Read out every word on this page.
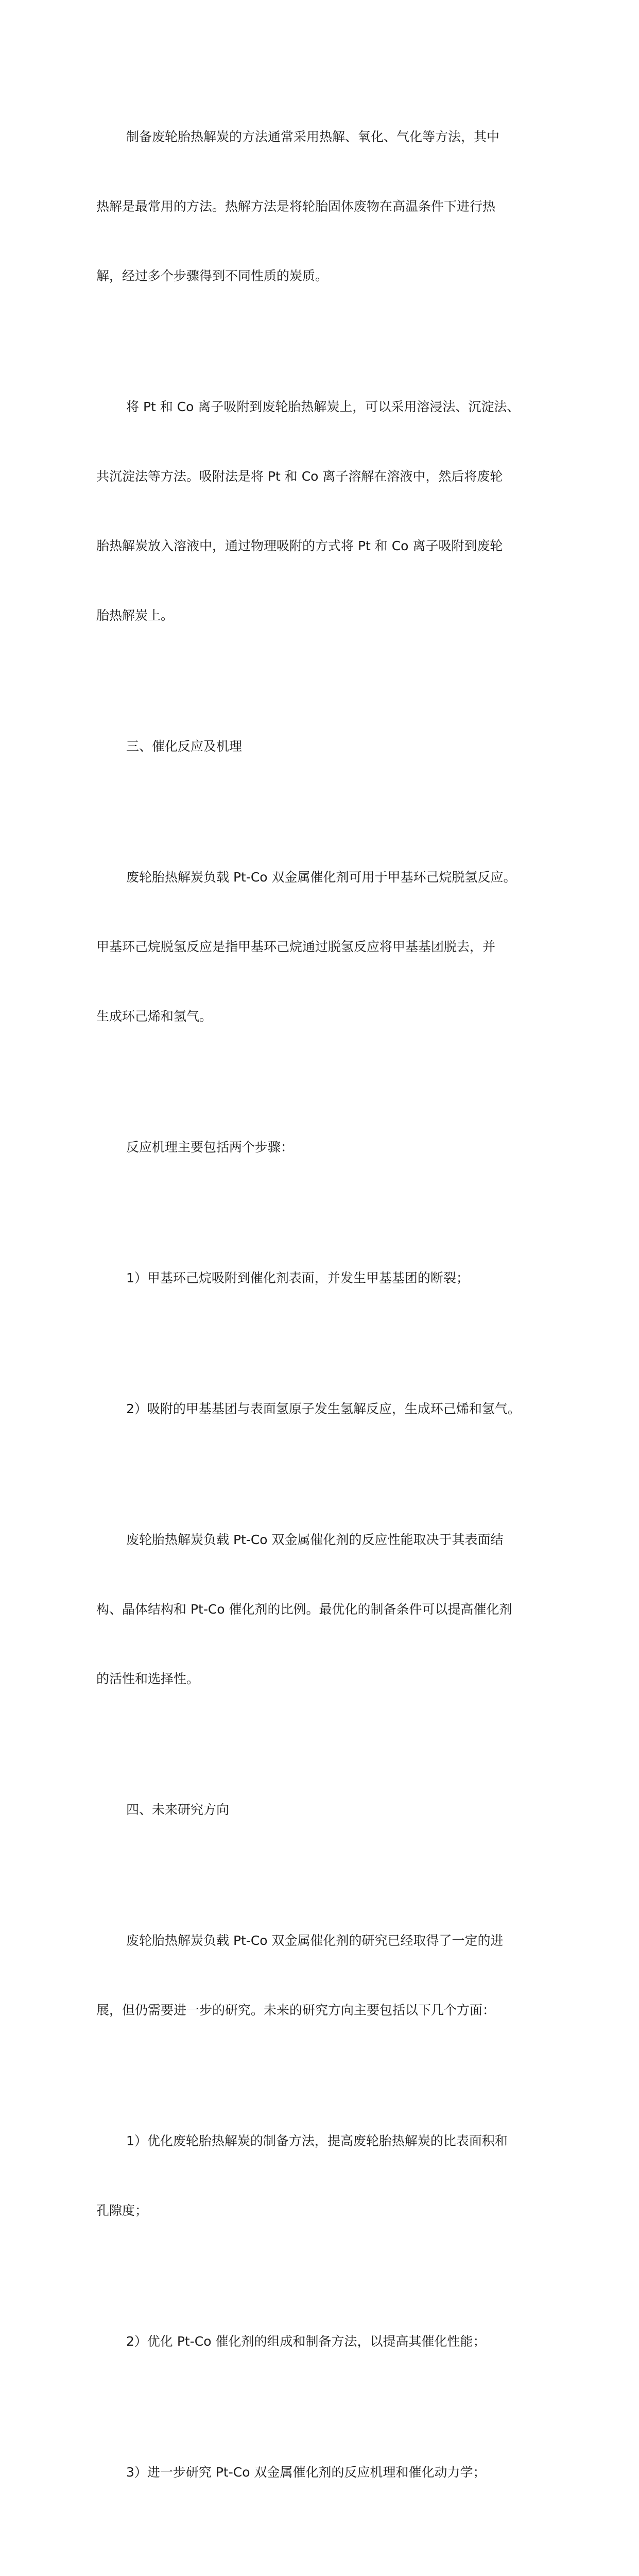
制备废轮胎热解炭的方法通常采用热解、氧化、气化等方法，其中

热解是最常用的方法。热解方法是将轮胎固体废物在高温条件下进行热

解，经过多个步骤得到不同性质的炭质。

将 Pt 和 Co 离子吸附到废轮胎热解炭上，可以采用溶浸法、沉淀法、

共沉淀法等方法。吸附法是将 Pt 和 Co 离子溶解在溶液中，然后将废轮

胎热解炭放入溶液中，通过物理吸附的方式将 Pt 和 Co 离子吸附到废轮

胎热解炭上。

三、催化反应及机理

废轮胎热解炭负载 Pt-Co 双金属催化剂可用于甲基环己烷脱氢反应。

甲基环己烷脱氢反应是指甲基环己烷通过脱氢反应将甲基基团脱去，并

生成环己烯和氢气。

反应机理主要包括两个步骤：

1）甲基环己烷吸附到催化剂表面，并发生甲基基团的断裂；

2）吸附的甲基基团与表面氢原子发生氢解反应，生成环己烯和氢气。

废轮胎热解炭负载 Pt-Co 双金属催化剂的反应性能取决于其表面结

构、晶体结构和 Pt-Co 催化剂的比例。最优化的制备条件可以提高催化剂

的活性和选择性。

四、未来研究方向

废轮胎热解炭负载 Pt-Co 双金属催化剂的研究已经取得了一定的进

展，但仍需要进一步的研究。未来的研究方向主要包括以下几个方面：

1）优化废轮胎热解炭的制备方法，提高废轮胎热解炭的比表面积和

孔隙度；

2）优化 Pt-Co 催化剂的组成和制备方法，以提高其催化性能；

3）进一步研究 Pt-Co 双金属催化剂的反应机理和催化动力学；
